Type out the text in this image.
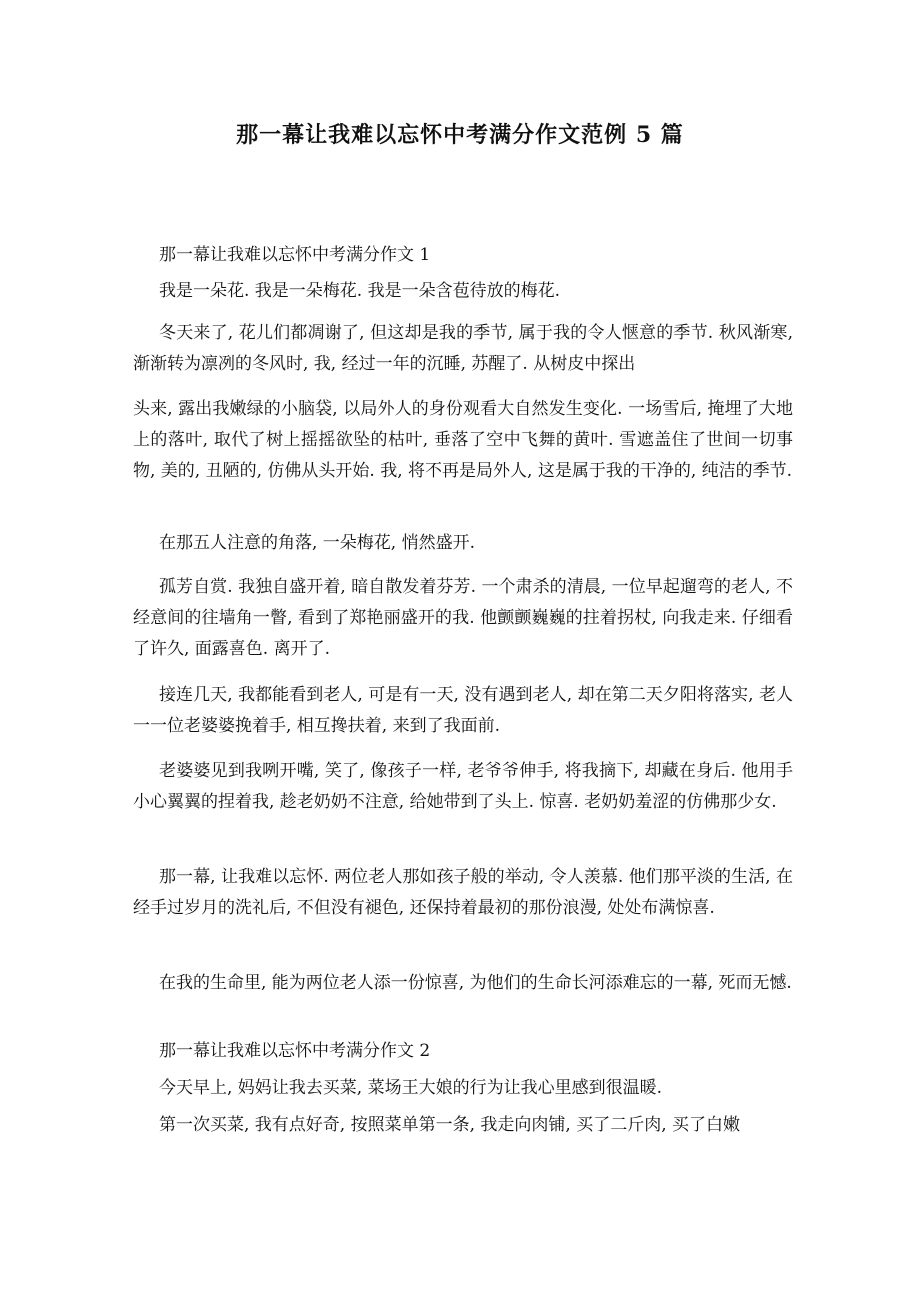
那一幕让我难以忘怀中考满分作文范例 5 篇
那一幕让我难以忘怀中考满分作文 1
我是一朵花. 我是一朵梅花. 我是一朵含苞待放的梅花.
冬天来了, 花儿们都凋谢了, 但这却是我的季节, 属于我的令人惬意的季节. 秋风渐寒, 渐渐转为凛冽的冬风时, 我, 经过一年的沉睡, 苏醒了. 从树皮中探出
头来, 露出我嫩绿的小脑袋, 以局外人的身份观看大自然发生变化. 一场雪后, 掩埋了大地上的落叶, 取代了树上摇摇欲坠的枯叶, 垂落了空中飞舞的黄叶. 雪遮盖住了世间一切事物, 美的, 丑陋的, 仿佛从头开始. 我, 将不再是局外人, 这是属于我的干净的, 纯洁的季节.
在那五人注意的角落, 一朵梅花, 悄然盛开.
孤芳自赏. 我独自盛开着, 暗自散发着芬芳. 一个肃杀的清晨, 一位早起遛弯的老人, 不经意间的往墙角一瞥, 看到了郑艳丽盛开的我. 他颤颤巍巍的拄着拐杖, 向我走来. 仔细看了许久, 面露喜色. 离开了.
接连几天, 我都能看到老人, 可是有一天, 没有遇到老人, 却在第二天夕阳将落实, 老人一一位老婆婆挽着手, 相互搀扶着, 来到了我面前.
老婆婆见到我咧开嘴, 笑了, 像孩子一样, 老爷爷伸手, 将我摘下, 却藏在身后. 他用手小心翼翼的捏着我, 趁老奶奶不注意, 给她带到了头上. 惊喜. 老奶奶羞涩的仿佛那少女.
那一幕, 让我难以忘怀. 两位老人那如孩子般的举动, 令人羡慕. 他们那平淡的生活, 在经手过岁月的洗礼后, 不但没有褪色, 还保持着最初的那份浪漫, 处处布满惊喜.
在我的生命里, 能为两位老人添一份惊喜, 为他们的生命长河添难忘的一幕, 死而无憾.
那一幕让我难以忘怀中考满分作文 2
今天早上, 妈妈让我去买菜, 菜场王大娘的行为让我心里感到很温暖.
第一次买菜, 我有点好奇, 按照菜单第一条, 我走向肉铺, 买了二斤肉, 买了白嫩
